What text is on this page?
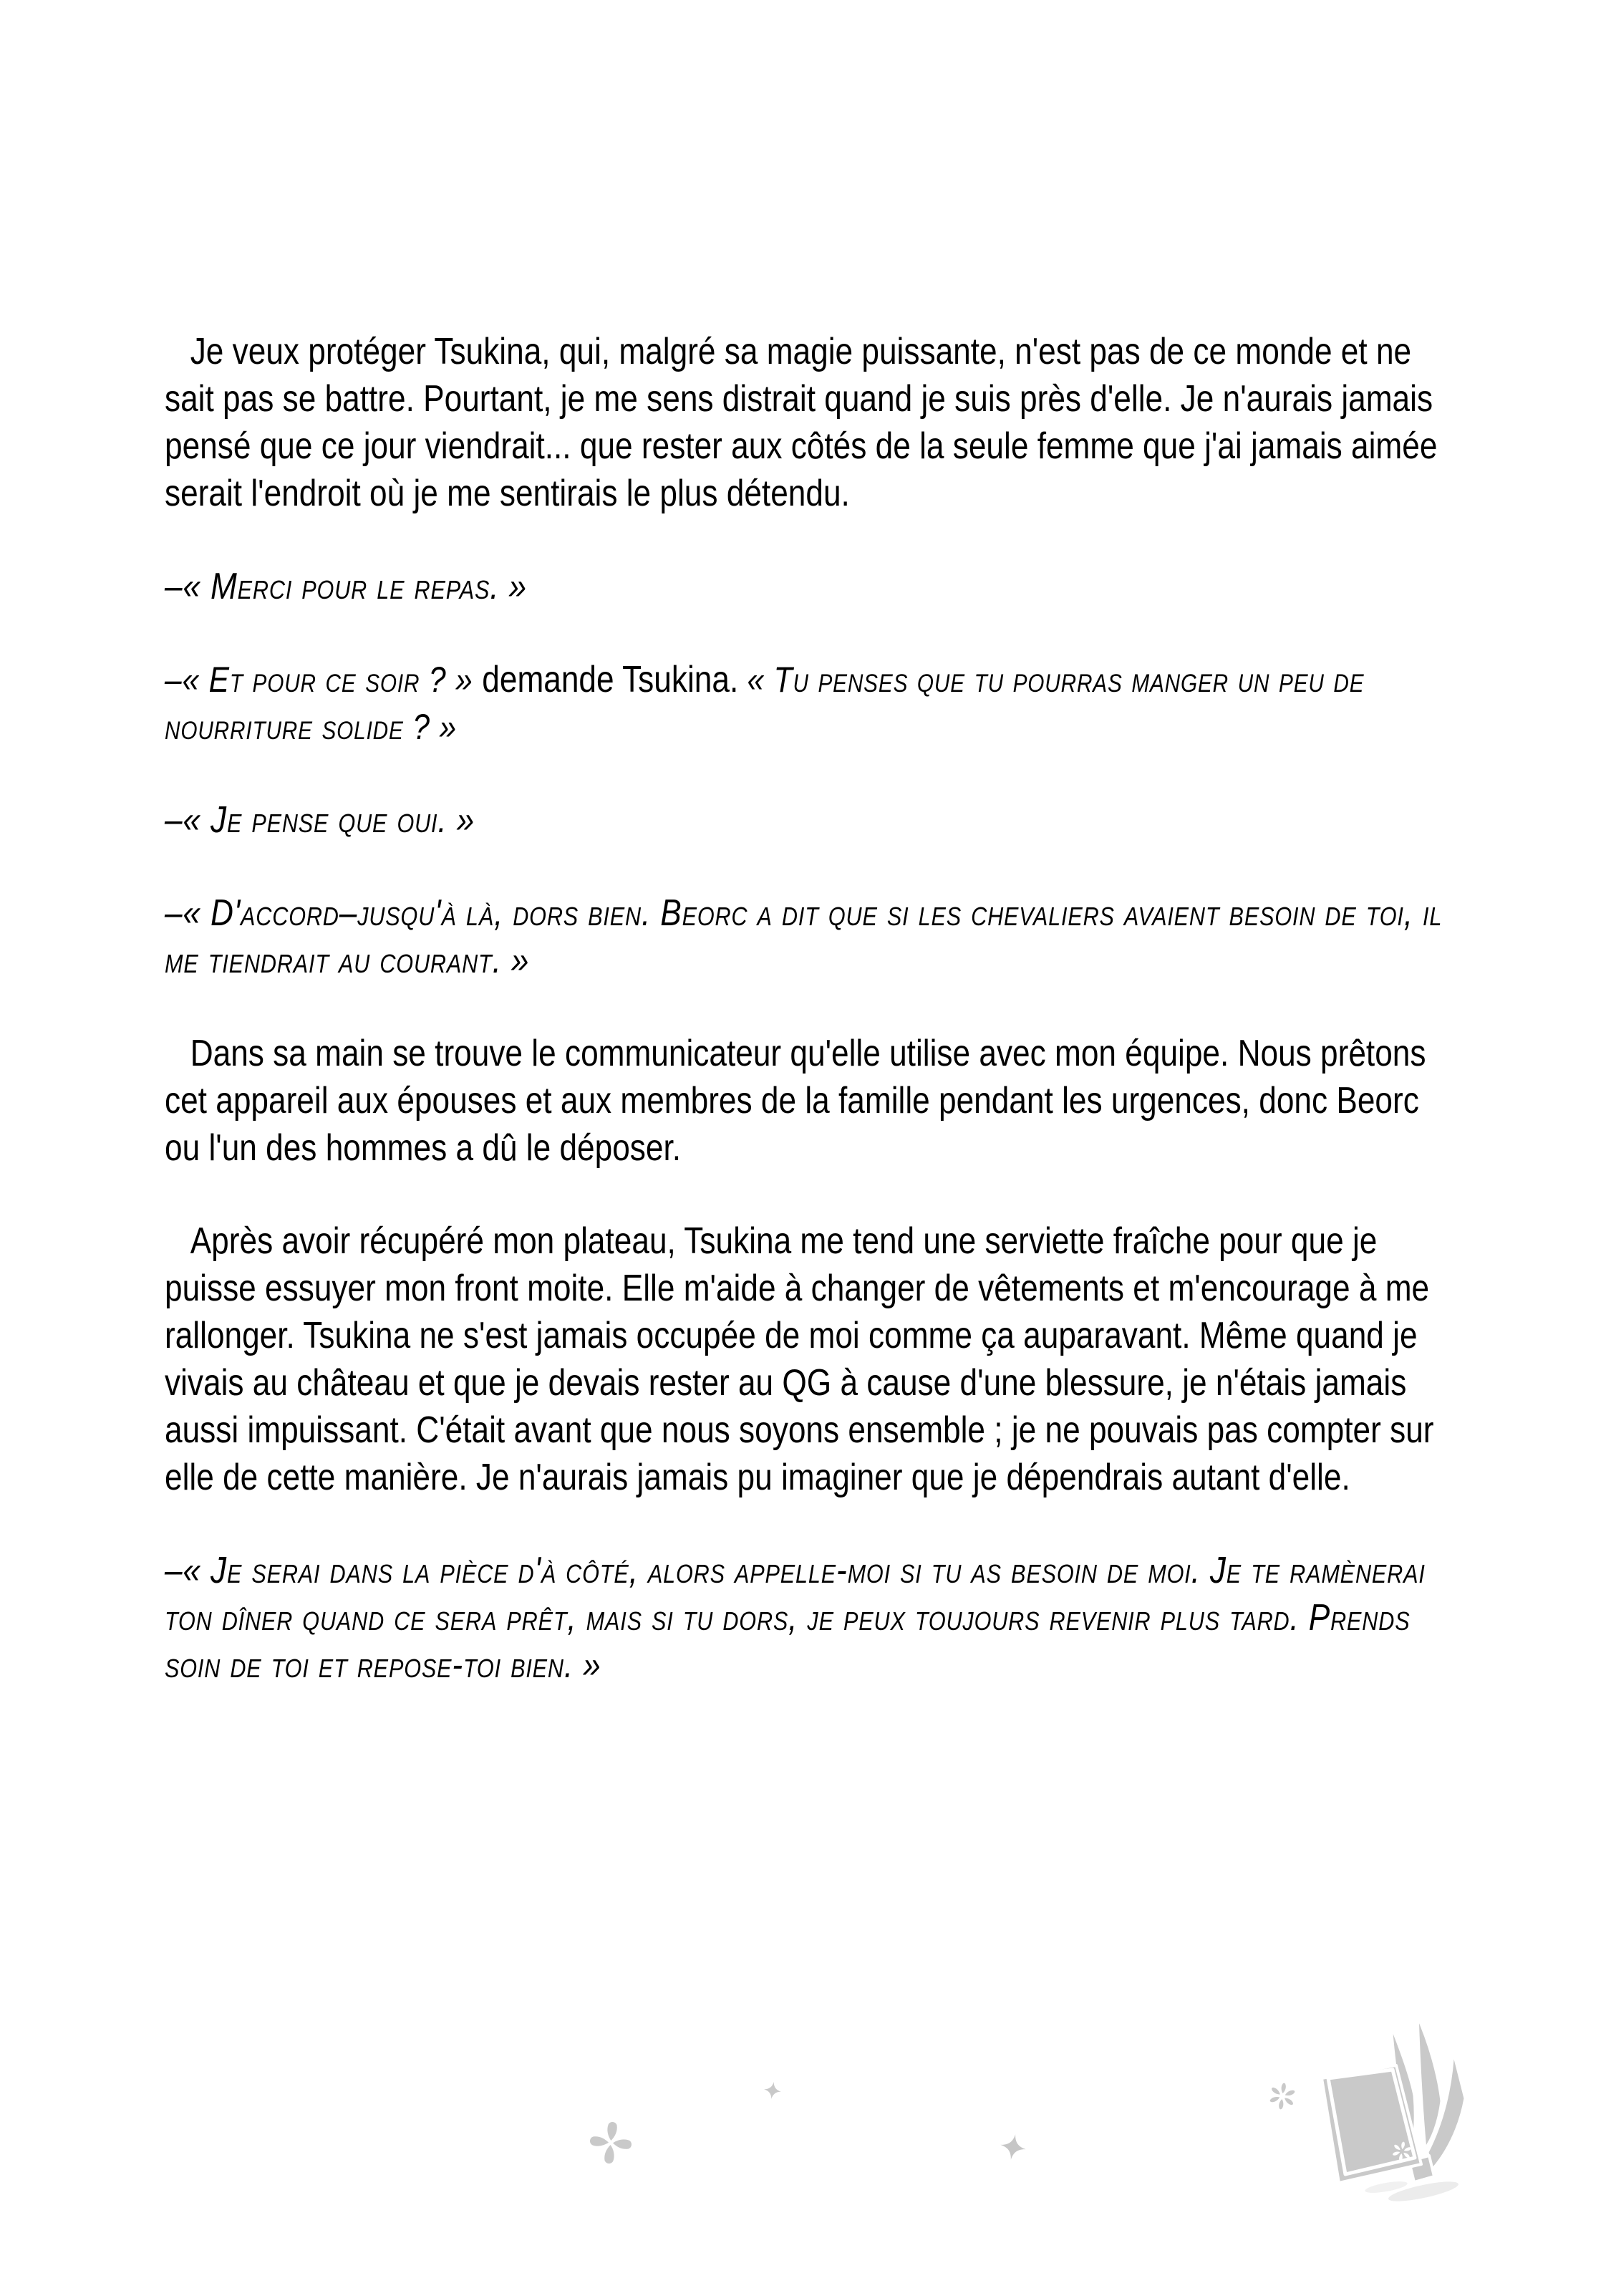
Je veux protéger Tsukina, qui, malgré sa magie puissante, n'est pas de ce monde et ne sait pas se battre. Pourtant, je me sens distrait quand je suis près d'elle. Je n'aurais jamais pensé que ce jour viendrait... que rester aux côtés de la seule femme que j'ai jamais aimée serait l'endroit où je me sentirais le plus détendu.

–« Merci pour le repas. »

–« Et pour ce soir ? » demande Tsukina. « Tu penses que tu pourras manger un peu de nourriture solide ? »

–« Je pense que oui. »

–« D'accord–jusqu'à là, dors bien. Beorc a dit que si les chevaliers avaient besoin de toi, il me tiendrait au courant. »

Dans sa main se trouve le communicateur qu'elle utilise avec mon équipe. Nous prêtons cet appareil aux épouses et aux membres de la famille pendant les urgences, donc Beorc ou l'un des hommes a dû le déposer.

Après avoir récupéré mon plateau, Tsukina me tend une serviette fraîche pour que je puisse essuyer mon front moite. Elle m'aide à changer de vêtements et m'encourage à me rallonger. Tsukina ne s'est jamais occupée de moi comme ça auparavant. Même quand je vivais au château et que je devais rester au QG à cause d'une blessure, je n'étais jamais aussi impuissant. C'était avant que nous soyons ensemble ; je ne pouvais pas compter sur elle de cette manière. Je n'aurais jamais pu imaginer que je dépendrais autant d'elle.

–« Je serai dans la pièce d'à côté, alors appelle-moi si tu as besoin de moi. Je te ramènerai ton dîner quand ce sera prêt, mais si tu dors, je peux toujours revenir plus tard. Prends soin de toi et repose-toi bien. »
